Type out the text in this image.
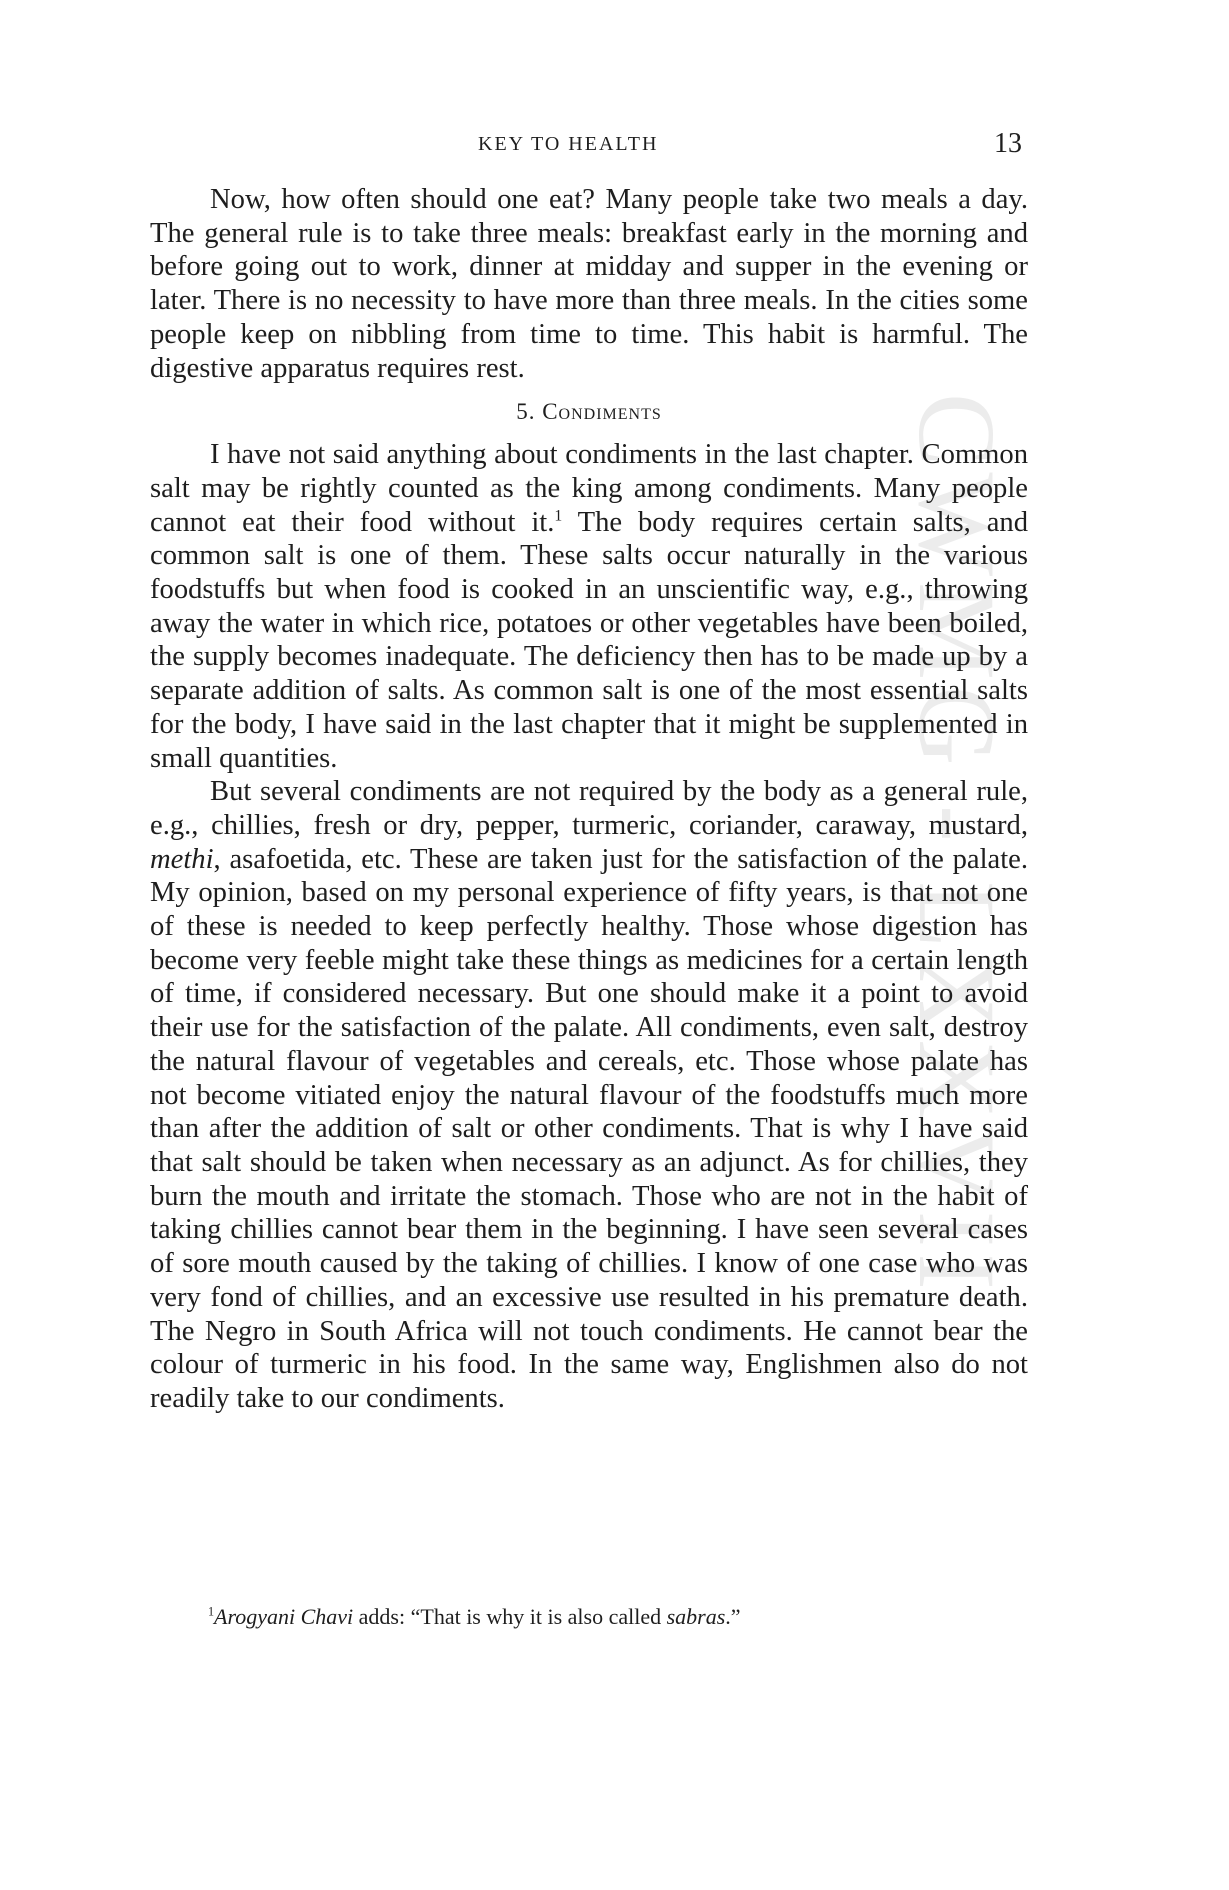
CWMG - LXXVII
KEY TO HEALTH	13

Now, how often should one eat? Many people take two meals a day. The general rule is to take three meals: breakfast early in the morning and before going out to work, dinner at midday and supper in the evening or later. There is no necessity to have more than three meals. In the cities some people keep on nibbling from time to time. This habit is harmful. The digestive apparatus requires rest.

5. Condiments

I have not said anything about condiments in the last chapter. Common salt may be rightly counted as the king among condiments. Many people cannot eat their food without it.$^1$ The body requires certain salts, and common salt is one of them. These salts occur naturally in the various foodstuffs but when food is cooked in an unscientific way, e.g., throwing away the water in which rice, potatoes or other vegetables have been boiled, the supply becomes inadequate. The deficiency then has to be made up by a separate addition of salts. As common salt is one of the most essential salts for the body, I have said in the last chapter that it might be supplemented in small quantities.

But several condiments are not required by the body as a general rule, e.g., chillies, fresh or dry, pepper, turmeric, coriander, caraway, mustard, methi, asafoetida, etc. These are taken just for the satisfaction of the palate. My opinion, based on my personal experience of fifty years, is that not one of these is needed to keep perfectly healthy. Those whose digestion has become very feeble might take these things as medicines for a certain length of time, if considered necessary. But one should make it a point to avoid their use for the satisfaction of the palate. All condiments, even salt, destroy the natural flavour of vegetables and cereals, etc. Those whose palate has not become vitiated enjoy the natural flavour of the foodstuffs much more than after the addition of salt or other condiments. That is why I have said that salt should be taken when necessary as an adjunct. As for chillies, they burn the mouth and irritate the stomach. Those who are not in the habit of taking chillies cannot bear them in the beginning. I have seen several cases of sore mouth caused by the taking of chillies. I know of one case who was very fond of chillies, and an excessive use resulted in his premature death. The Negro in South Africa will not touch condiments. He cannot bear the colour of turmeric in his food. In the same way, Englishmen also do not readily take to our condiments.

$^1$Arogyani Chavi adds: “That is why it is also called sabras.”
